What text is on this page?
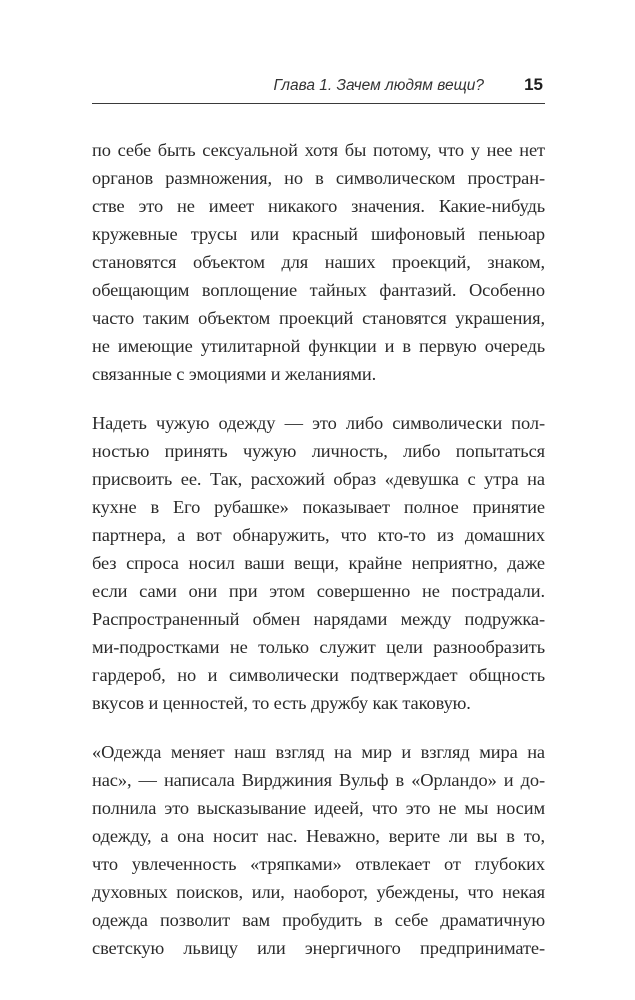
Глава 1. Зачем людям вещи? 15

по себе быть сексуальной хотя бы потому, что у нее нет
органов размножения, но в символическом простран-
стве это не имеет никакого значения. Какие-нибудь
кружевные трусы или красный шифоновый пеньюар
становятся объектом для наших проекций, знаком,
обещающим воплощение тайных фантазий. Особенно
часто таким объектом проекций становятся украшения,
не имеющие утилитарной функции и в первую очередь
связанные с эмоциями и желаниями.

Надеть чужую одежду — это либо символически пол-
ностью принять чужую личность, либо попытаться
присвоить ее. Так, расхожий образ «девушка с утра на
кухне в Его рубашке» показывает полное принятие
партнера, а вот обнаружить, что кто-то из домашних
без спроса носил ваши вещи, крайне неприятно, даже
если сами они при этом совершенно не пострадали.
Распространенный обмен нарядами между подружка-
ми-подростками не только служит цели разнообразить
гардероб, но и символически подтверждает общность
вкусов и ценностей, то есть дружбу как таковую.

«Одежда меняет наш взгляд на мир и взгляд мира на
нас», — написала Вирджиния Вульф в «Орландо» и до-
полнила это высказывание идеей, что это не мы носим
одежду, а она носит нас. Неважно, верите ли вы в то,
что увлеченность «тряпками» отвлекает от глубоких
духовных поисков, или, наоборот, убеждены, что некая
одежда позволит вам пробудить в себе драматичную
светскую львицу или энергичного предпринимате-
